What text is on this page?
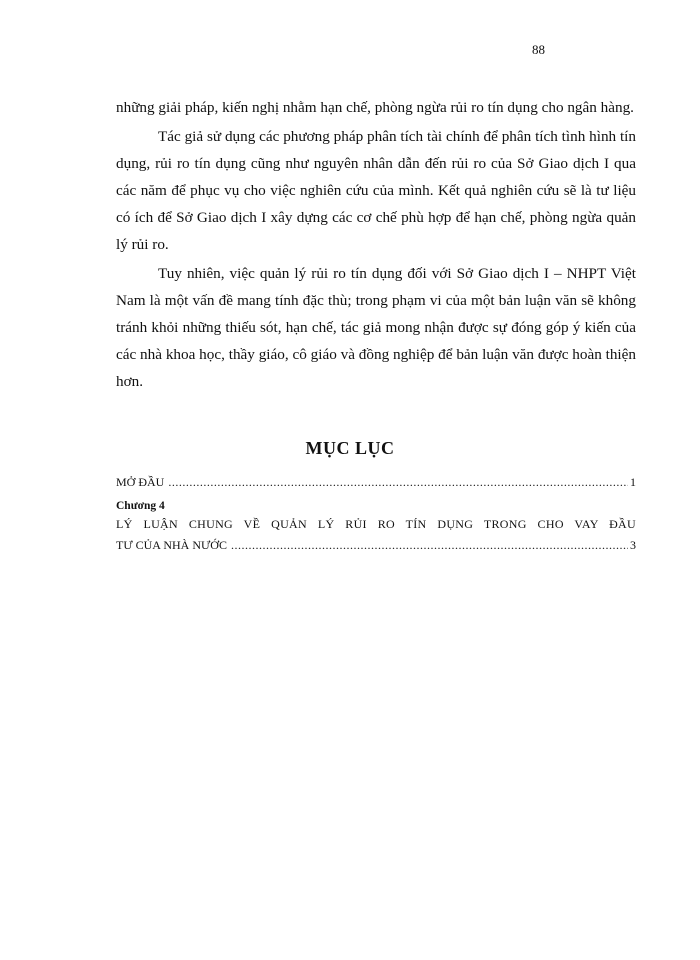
88

những giải pháp, kiến nghị nhằm hạn chế, phòng ngừa rủi ro tín dụng cho ngân hàng.

Tác giả sử dụng các phương pháp phân tích tài chính để phân tích tình hình tín dụng, rủi ro tín dụng cũng như nguyên nhân dẫn đến rủi ro của Sở Giao dịch I qua các năm để phục vụ cho việc nghiên cứu của mình. Kết quả nghiên cứu sẽ là tư liệu có ích để Sở Giao dịch I xây dựng các cơ chế phù hợp để hạn chế, phòng ngừa quản lý rủi ro.

Tuy nhiên, việc quản lý rủi ro tín dụng đối với Sở Giao dịch I – NHPT Việt Nam là một vấn đề mang tính đặc thù; trong phạm vi của một bản luận văn sẽ không tránh khỏi những thiếu sót, hạn chế, tác giả mong nhận được sự đóng góp ý kiến của các nhà khoa học, thầy giáo, cô giáo và đồng nghiệp để bản luận văn được hoàn thiện hơn.

MỤC LỤC
MỞ ĐẦU .....	1
Chương 4
LÝ LUẬN CHUNG VỀ QUẢN LÝ RỦI RO TÍN DỤNG TRONG CHO VAY ĐẦU
TƯ CỦA NHÀ NƯỚC .....	3
